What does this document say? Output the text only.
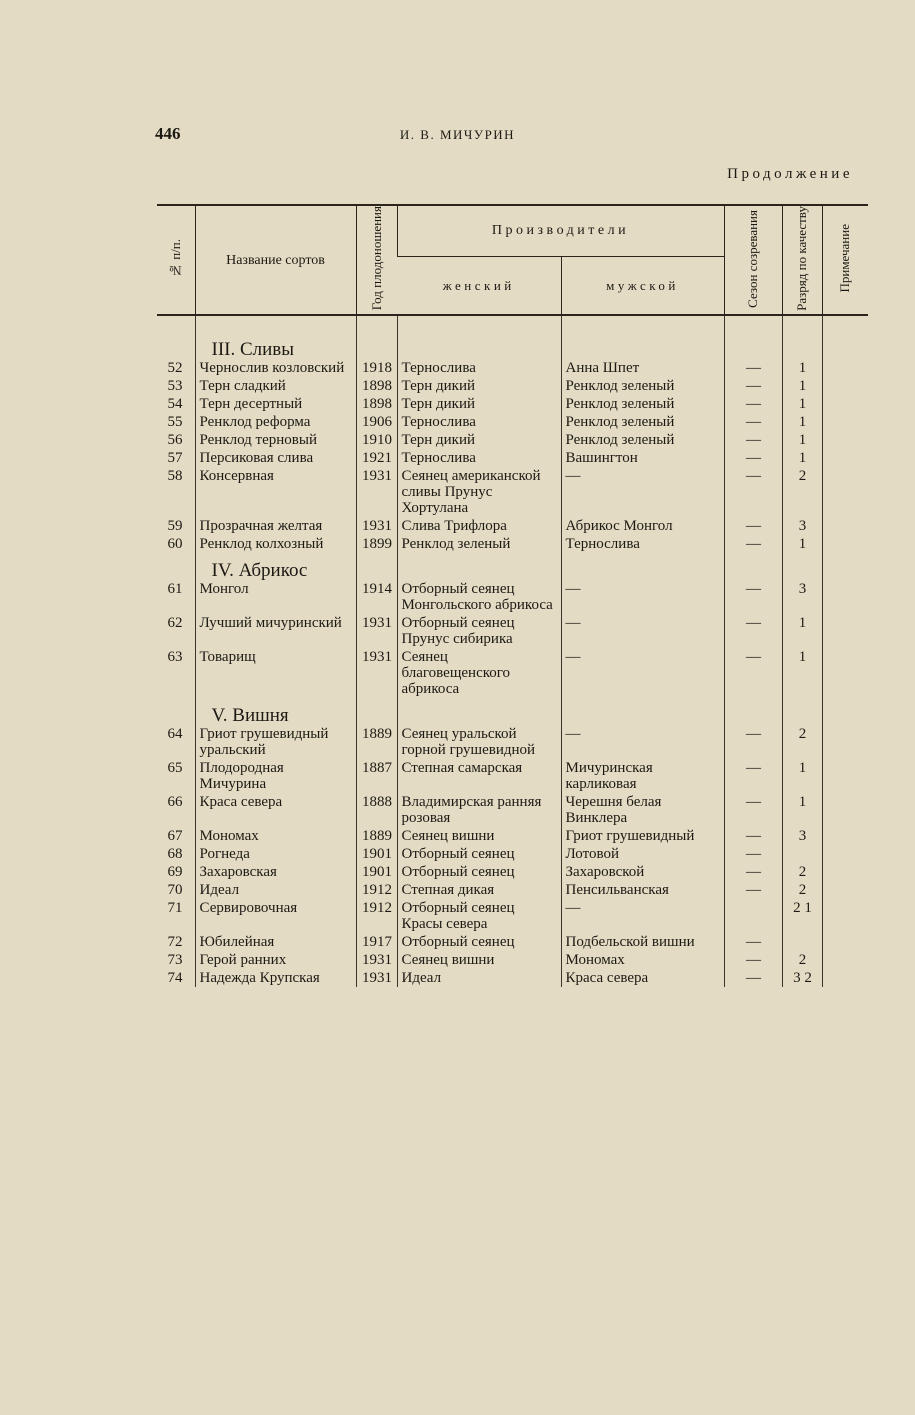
446	И. В. МИЧУРИН
Продолжение
№ п/п.	Название сортов	Год плодоношения	Производители		Сезон созревания	Разряд по качеству	Примечание
			женский	мужской			

	III. Сливы						
52	Чернослив козловский	1918	Тернослива	Анна Шпет	—	1	
53	Терн сладкий	1898	Терн дикий	Ренклод зеленый	—	1	
54	Терн десертный	1898	Терн дикий	Ренклод зеленый	—	1	
55	Ренклод реформа	1906	Тернослива	Ренклод зеленый	—	1	
56	Ренклод терновый	1910	Терн дикий	Ренклод зеленый	—	1	
57	Персиковая слива	1921	Тернослива	Вашингтон	—	1	
58	Консервная	1931	Сеянец американской сливы Прунус Хортулана	—	—	2	
59	Прозрачная желтая	1931	Слива Трифлора	Абрикос Монгол	—	3	
60	Ренклод колхозный	1899	Ренклод зеленый	Тернослива	—	1	
	IV. Абрикос						
61	Монгол	1914	Отборный сеянец Монгольского абрикоса	—	—	3	
62	Лучший мичуринский	1931	Отборный сеянец Прунус сибирика	—	—	1	
63	Товарищ	1931	Сеянец благовещенского абрикоса	—	—	1	
	V. Вишня						
64	Гриот грушевидный уральский	1889	Сеянец уральской горной грушевидной	—	—	2	
65	Плодородная Мичурина	1887	Степная самарская	Мичуринская карликовая	—	1	
66	Краса севера	1888	Владимирская ранняя розовая	Черешня белая Винклера	—	1	
67	Мономах	1889	Сеянец вишни	Гриот грушевидный	—	3	
68	Рогнеда	1901	Отборный сеянец	Лотовой	—		
69	Захаровская	1901	Отборный сеянец	Захаровской	—	2	
70	Идеал	1912	Степная дикая	Пенсильванская	—	2	
71	Сервировочная	1912	Отборный сеянец Красы севера	—		2 1	
72	Юбилейная	1917	Отборный сеянец	Подбельской вишни	—		
73	Герой ранних	1931	Сеянец вишни	Мономах	—	2	
74	Надежда Крупская	1931	Идеал	Краса севера	—	3 2	
